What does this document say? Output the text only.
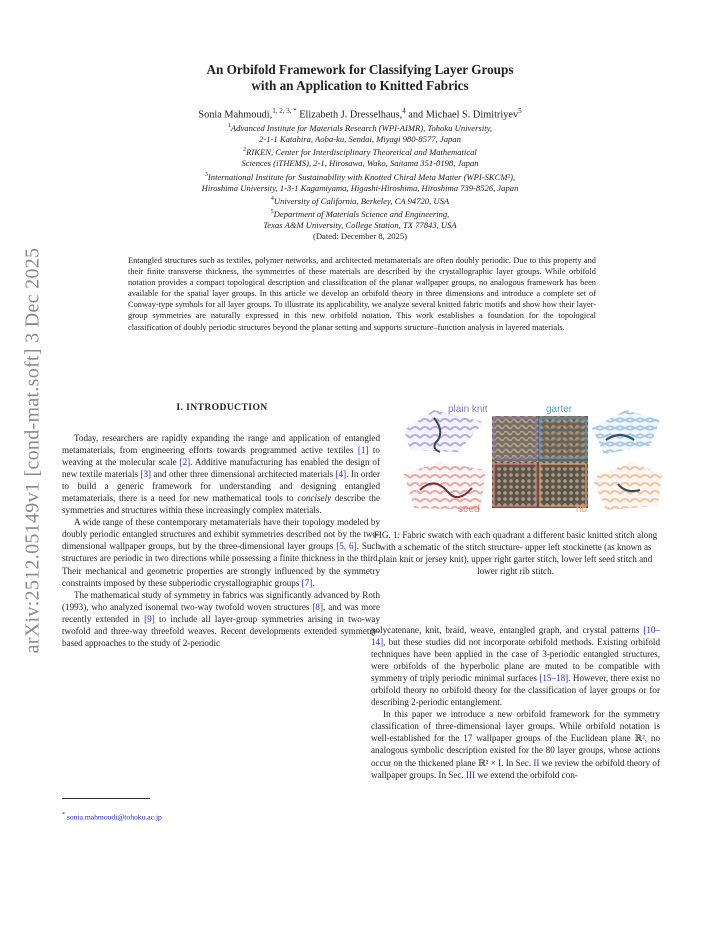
arXiv:2512.05149v1 [cond-mat.soft] 3 Dec 2025
An Orbifold Framework for Classifying Layer Groups
with an Application to Knitted Fabrics
Sonia Mahmoudi,$^{1, 2, 3, *}$ Elizabeth J. Dresselhaus,$^4$ and Michael S. Dimitriyev$^5$
$^1$Advanced Institute for Materials Research (WPI-AIMR), Tohoku University,
2-1-1 Katahira, Aoba-ku, Sendai, Miyagi 980-8577, Japan
$^2$RIKEN, Center for Interdisciplinary Theoretical and Mathematical
Sciences (iTHEMS), 2-1, Hirosawa, Wako, Saitama 351-0198, Japan
$^3$International Institute for Sustainability with Knotted Chiral Meta Matter (WPI-SKCM²),
Hiroshima University, 1-3-1 Kagamiyama, Higashi-Hiroshima, Hiroshima 739-8526, Japan
$^4$University of California, Berkeley, CA 94720, USA
$^5$Department of Materials Science and Engineering,
Texas A&M University, College Station, TX 77843, USA
(Dated: December 8, 2025)
Entangled structures such as textiles, polymer networks, and architected metamaterials are often doubly periodic. Due to this property and their finite transverse thickness, the symmetries of these materials are described by the crystallographic layer groups. While orbifold notation provides a compact topological description and classification of the planar wallpaper groups, no analogous framework has been available for the spatial layer groups. In this article we develop an orbifold theory in three dimensions and introduce a complete set of Conway-type symbols for all layer groups. To illustrate its applicability, we analyze several knitted fabric motifs and show how their layer-group symmetries are naturally expressed in this new orbifold notation. This work establishes a foundation for the topological classification of doubly periodic structures beyond the planar setting and supports structure–function analysis in layered materials.
I. INTRODUCTION

Today, researchers are rapidly expanding the range and application of entangled metamaterials, from engineering efforts towards programmed active textiles [1] to weaving at the molecular scale [2]. Additive manufacturing has enabled the design of new textile materials [3] and other three dimensional architected materials [4]. In order to build a generic framework for understanding and designing entangled metamaterials, there is a need for new mathematical tools to concisely describe the symmetries and structures within these increasingly complex materials.

A wide range of these contemporary metamaterials have their topology modeled by doubly periodic entangled structures and exhibit symmetries described not by the two-dimensional wallpaper groups, but by the three-dimensional layer groups [5, 6]. Such structures are periodic in two directions while possessing a finite thickness in the third. Their mechanical and geometric properties are strongly influenced by the symmetry constraints imposed by these subperiodic crystallographic groups [7].

The mathematical study of symmetry in fabrics was significantly advanced by Roth (1993), who analyzed isonemal two-way twofold woven structures [8], and was more recently extended in [9] to include all layer-group symmetries arising in two-way twofold and three-way threefold weaves. Recent developments extended symmetry-based approaches to the study of 2-periodic

* sonia.mahmoudi@tohoku.ac.jp
plain knit	garter
seed	rib
FIG. 1: Fabric swatch with each quadrant a different basic knitted stitch along with a schematic of the stitch structure- upper left stockinette (as known as plain knit or jersey knit), upper right garter stitch, lower left seed stitch and lower right rib stitch.

polycatenane, knit, braid, weave, entangled graph, and crystal patterns [10–14], but these studies did not incorporate orbifold methods. Existing orbifold techniques have been applied in the case of 3-periodic entangled structures, were orbifolds of the hyperbolic plane are muted to be compatible with symmetry of triply periodic minimal surfaces [15–18]. However, there exist no orbifold theory no orbifold theory for the classification of layer groups or for describing 2-periodic entanglement.

In this paper we introduce a new orbifold framework for the symmetry classification of three-dimensional layer groups. While orbifold notation is well-established for the 17 wallpaper groups of the Euclidean plane ℝ², no analogous symbolic description existed for the 80 layer groups, whose actions occur on the thickened plane ℝ² × I. In Sec. II we review the orbifold theory of wallpaper groups. In Sec. III we extend the orbifold con-
